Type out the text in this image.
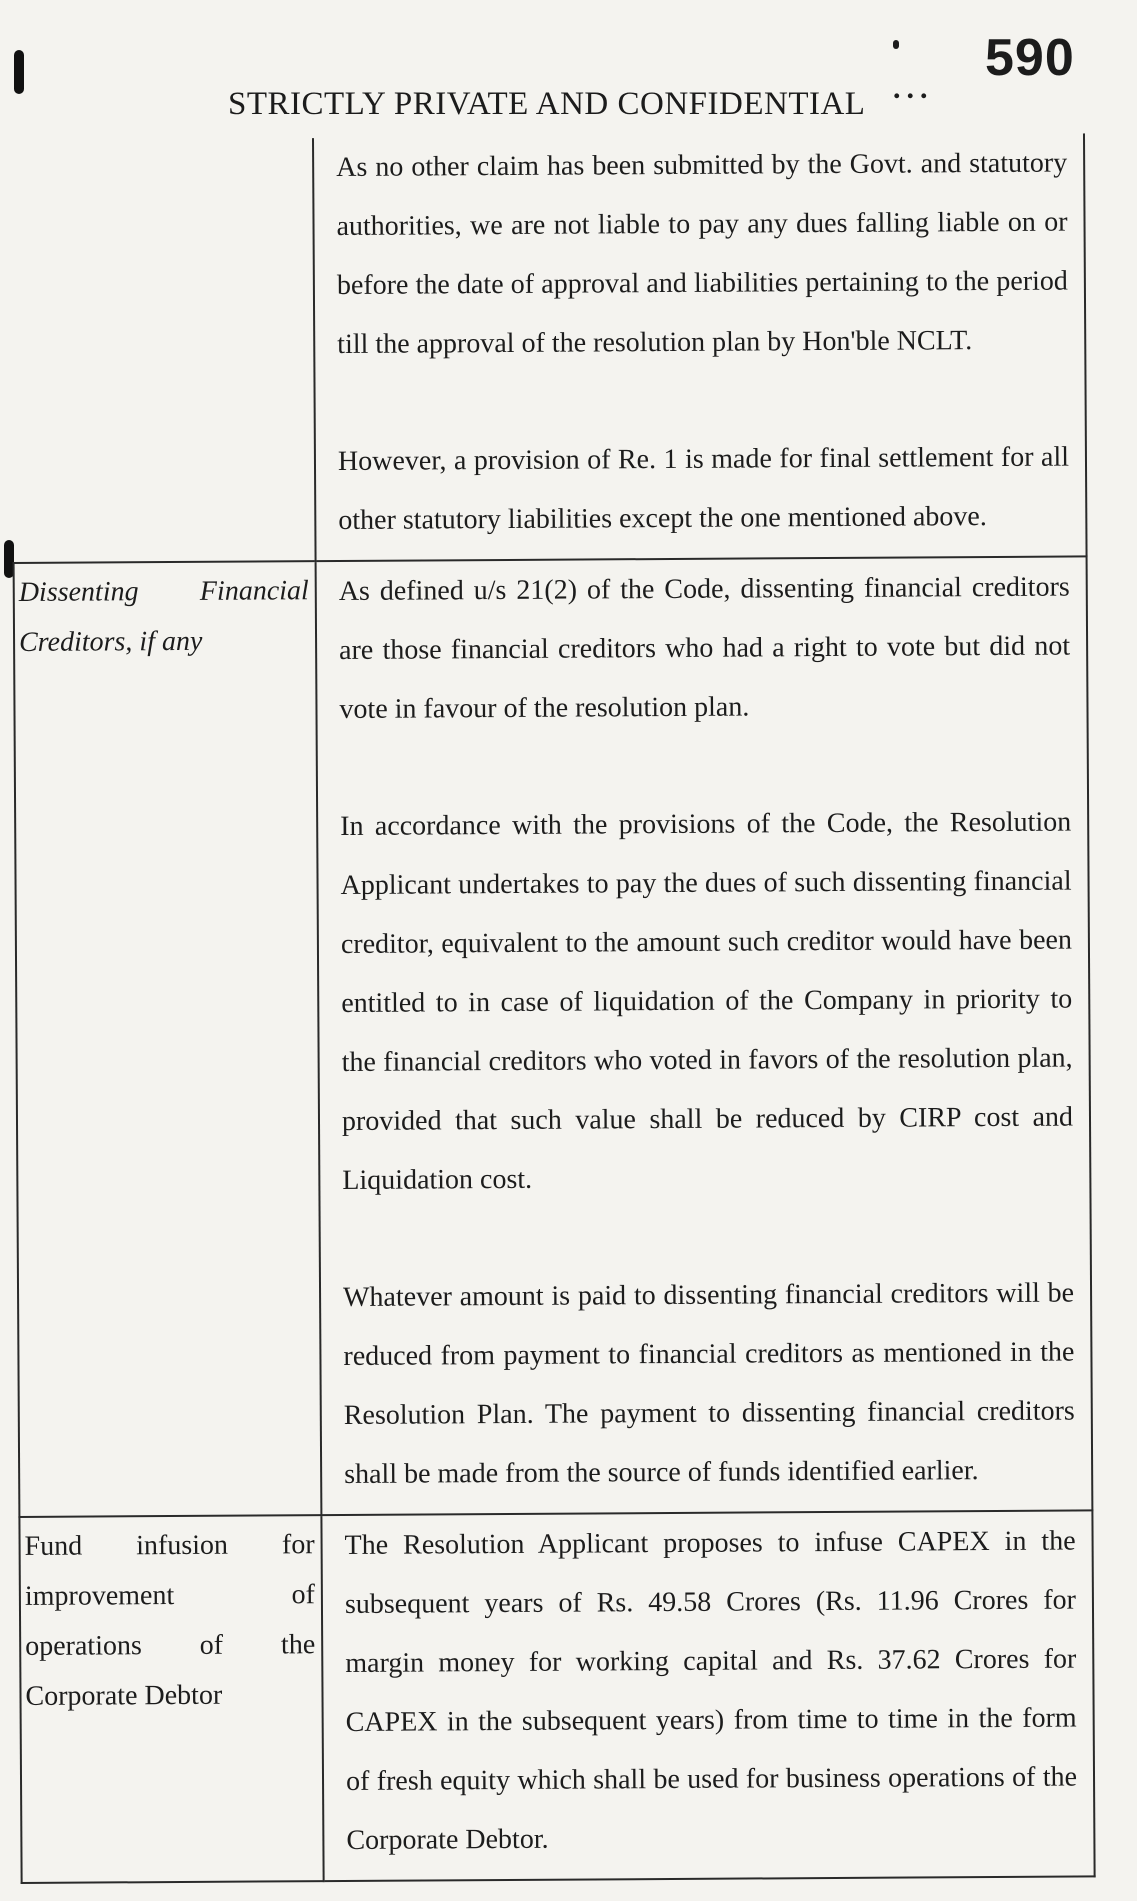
...
590
STRICTLY PRIVATE AND CONFIDENTIAL

	As no other claim has been submitted by the Govt. and statutory authorities, we are not liable to pay any dues falling liable on or before the date of approval and liabilities pertaining to the period till the approval of the resolution plan by Hon'ble NCLT.

However, a provision of Re. 1 is made for final settlement for all other statutory liabilities except the one mentioned above.

Dissenting Financial Creditors, if any	As defined u/s 21(2) of the Code, dissenting financial creditors are those financial creditors who had a right to vote but did not vote in favour of the resolution plan.

In accordance with the provisions of the Code, the Resolution Applicant undertakes to pay the dues of such dissenting financial creditor, equivalent to the amount such creditor would have been entitled to in case of liquidation of the Company in priority to the financial creditors who voted in favors of the resolution plan, provided that such value shall be reduced by CIRP cost and Liquidation cost.

Whatever amount is paid to dissenting financial creditors will be reduced from payment to financial creditors as mentioned in the Resolution Plan. The payment to dissenting financial creditors shall be made from the source of funds identified earlier.

Fund infusion for improvement of operations of the Corporate Debtor	The Resolution Applicant proposes to infuse CAPEX in the subsequent years of Rs. 49.58 Crores (Rs. 11.96 Crores for margin money for working capital and Rs. 37.62 Crores for CAPEX in the subsequent years) from time to time in the form of fresh equity which shall be used for business operations of the Corporate Debtor.
